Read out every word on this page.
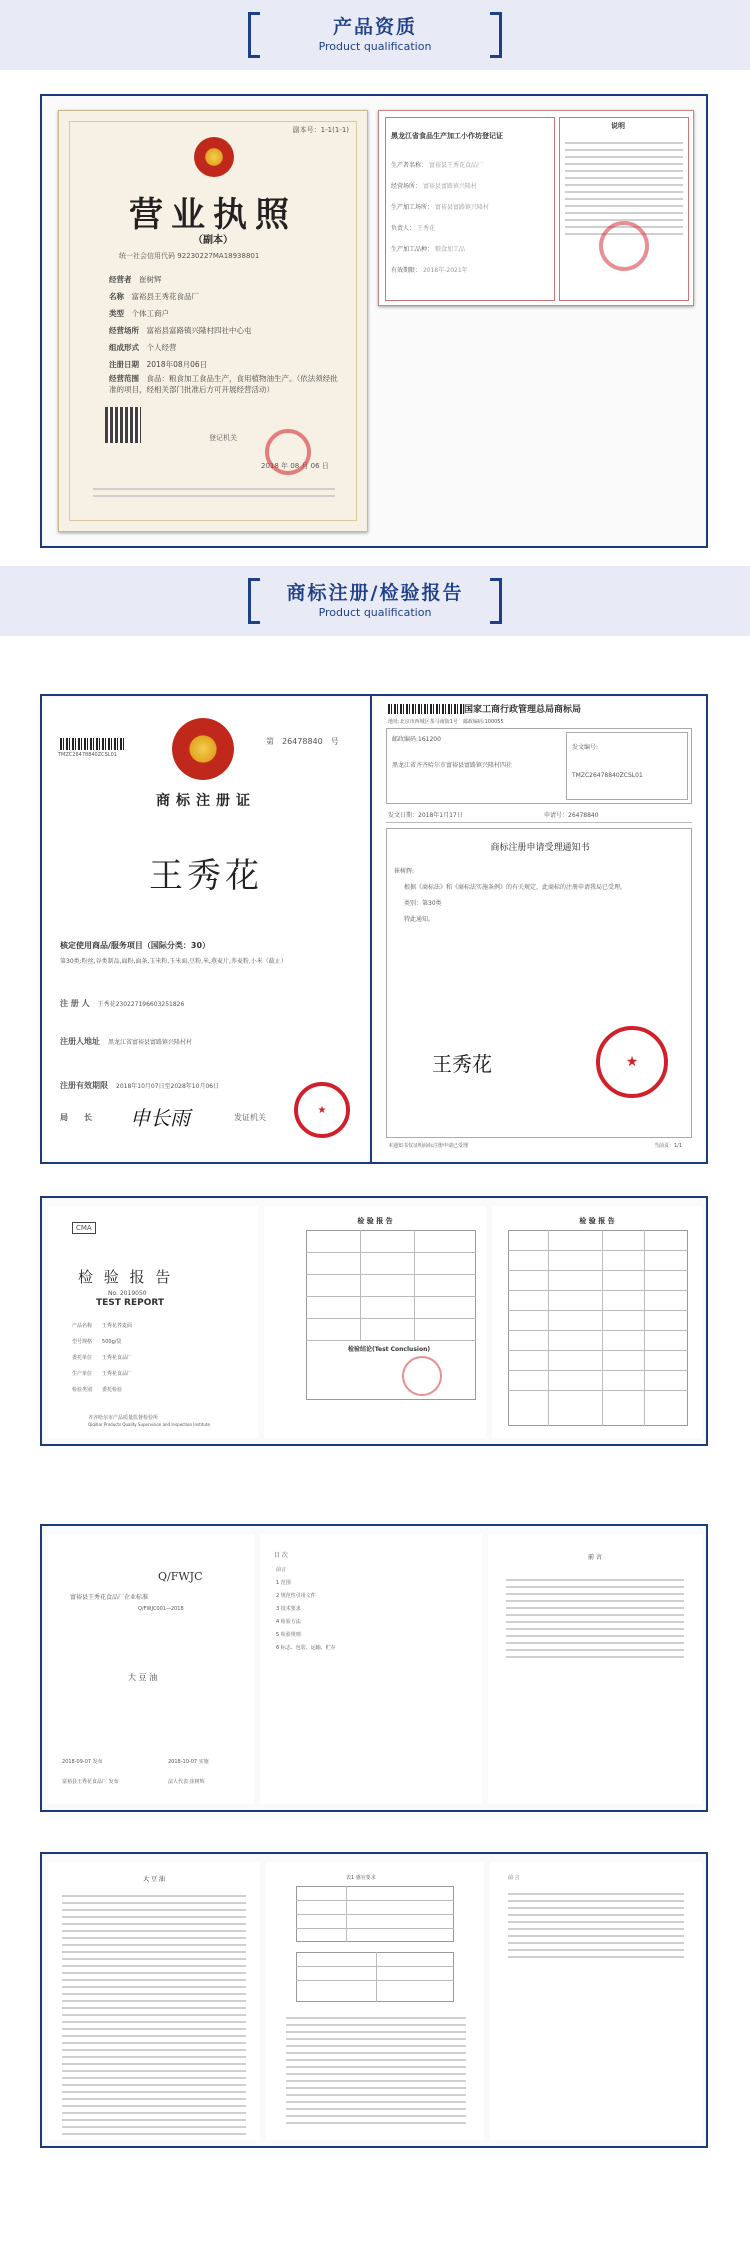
产品资质
Product qualification
副本号：1-1(1-1)
营业执照
（副本）
统一社会信用代码 92230227MA18938801
经营者　 崔树辉
名称　 富裕县王秀花食品厂
类型　 个体工商户
经营场所　 富裕县富路镇兴隆村四社中心屯
组成形式　 个人经营
注册日期　 2018年08月06日
经营范围　 食品：粮食加工食品生产，食用植物油生产。（依法须经批准的项目，经相关部门批准后方可开展经营活动）
登记机关
2018 年 08 月 06 日
黑龙江省食品生产加工小作坊登记证
说明
生产者名称： 富裕县王秀花食品厂
经营场所： 富裕县富路镇兴隆村
生产加工场所： 富裕县富路镇兴隆村
负责人： 王秀花
生产加工品种： 粮食加工品
有效期限： 2018年-2021年
商标注册/检验报告
Product qualification
TMZC26478840ZCSL01
第　 26478840　 号
商标注册证
王秀花
核定使用商品/服务项目（国际分类：30）
第30类:粉丝,谷类制品,面粉,面条,玉米粉,玉米面,豆粉,米,燕麦片,荞麦粉,小米（截止）
注 册 人　 王秀花230227196603251826
注册人地址　 黑龙江省富裕县富路镇兴隆村村
注册有效期限　 2018年10月07日至2028年10月06日
局　　长 申长雨	发证机关
★
国家工商行政管理总局商标局
地址:北京市西城区茶马南街1号　 邮政编码:100055
邮政编码:161200
黑龙江省齐齐哈尔市富裕县富路镇兴隆村四社
发文编号:
TMZC26478840ZCSL01
发文日期：2018年1月17日	申请号：26478840
商标注册申请受理通知书
崔树辉:
根据《商标法》和《商标法实施条例》的有关规定，此商标的注册申请我局已受理。
类别：第30类
特此通知。
王秀花	★
本通知书仅证明商标注册申请已受理	当前页：1/1
CMA
检 验 报 告
No. 2019050
TEST REPORT
产品名称　　 王秀花荞麦面
型号规格　　 500g/袋
委托单位　　 王秀花食品厂
生产单位　　 王秀花食品厂
检验类别　　 委托检验
齐齐哈尔市产品质量监督检验所
Qiqihar Products Quality Supervision and Inspection Institute
检 验 报 告
检验结论(Test Conclusion)
检 验 报 告
Q/FWJC
富裕县王秀花食品厂企业标准
Q/FWJC001—2018
大 豆 油
2018-09-07 发布	2018-10-07 实施
富裕县王秀花食品厂 发布	法人代表 崔树辉
目 次
前言
1 范围
2 规范性引用文件
3 技术要求
4 检验方法
5 检验规则
6 标志、包装、运输、贮存
前 言
大 豆 油	表1 感官要求	前 言
